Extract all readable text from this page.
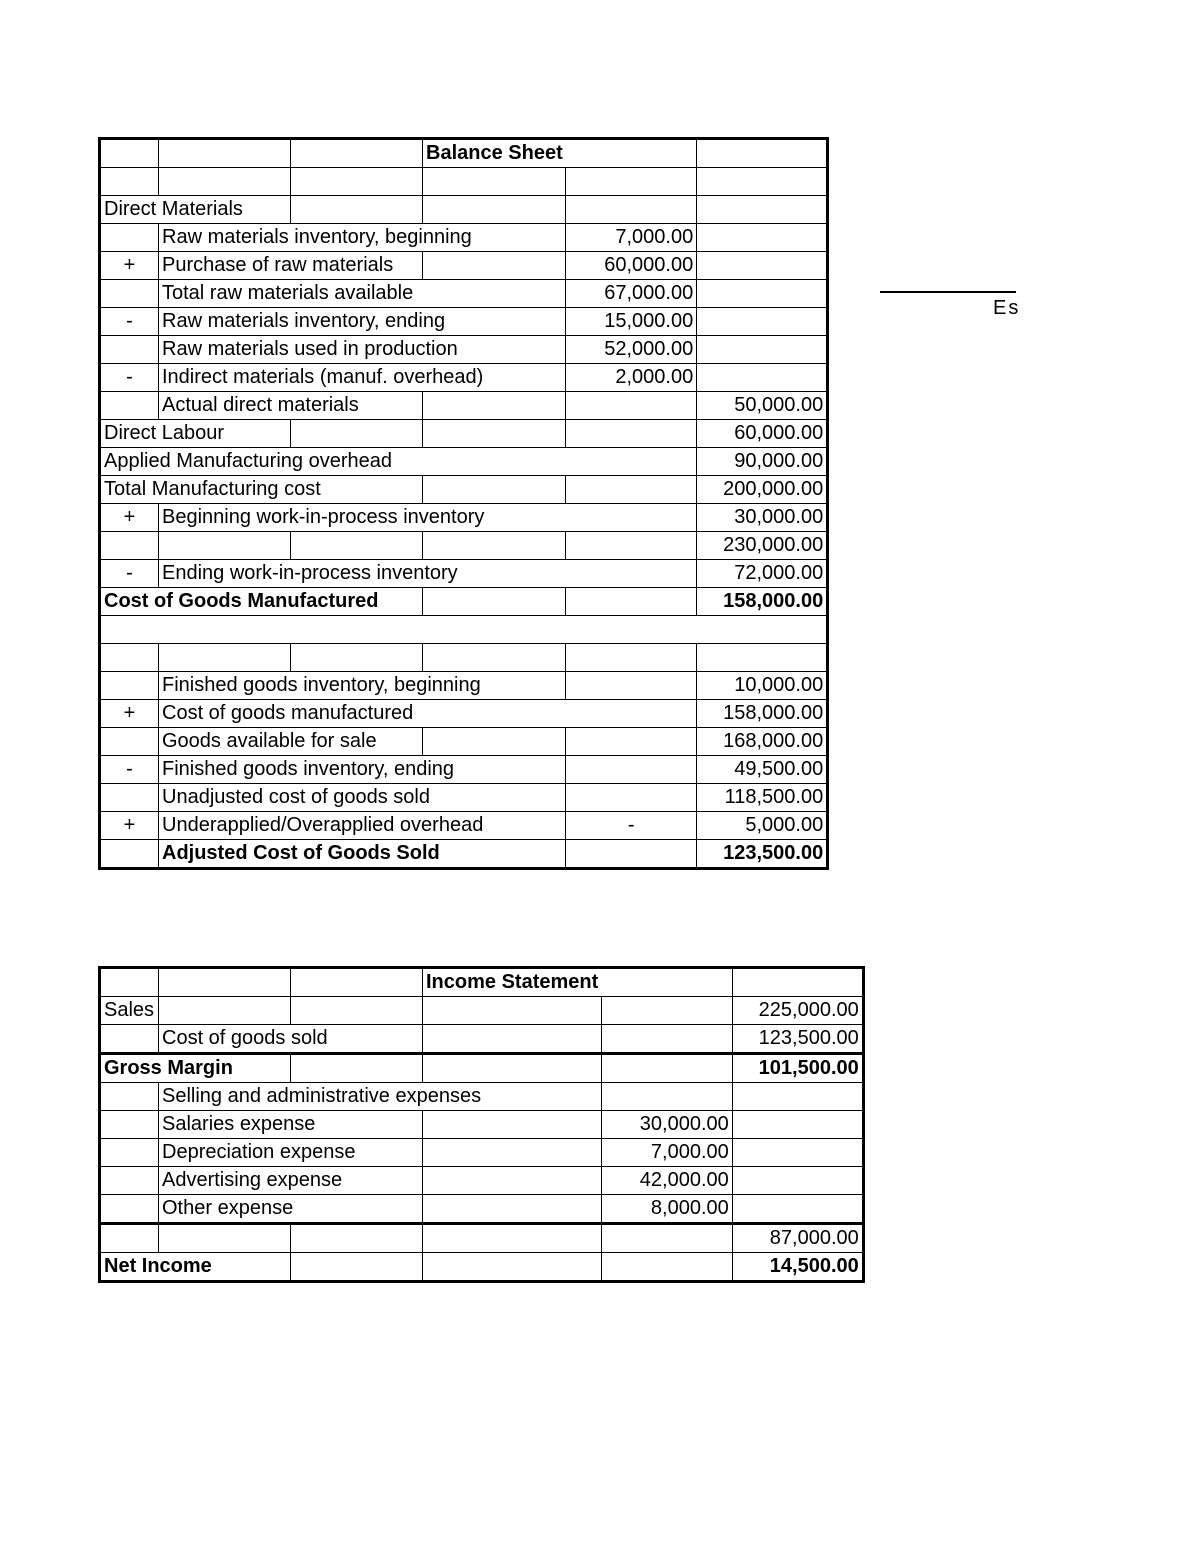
			Balance Sheet		

Direct Materials					
	Raw materials inventory, beginning			7,000.00	
+	Purchase of raw materials			60,000.00	
	Total raw materials available			67,000.00	
-	Raw materials inventory, ending			15,000.00	
	Raw materials used in production			52,000.00	
-	Indirect materials (manuf. overhead)			2,000.00	
	Actual direct materials				50,000.00
Direct Labour					60,000.00
Applied Manufacturing overhead					90,000.00
Total Manufacturing cost					200,000.00
+	Beginning work-in-process inventory				30,000.00
					230,000.00
-	Ending work-in-process inventory				72,000.00
Cost of Goods Manufactured					158,000.00

	Finished goods inventory, beginning				10,000.00
+	Cost of goods manufactured				158,000.00
	Goods available for sale				168,000.00
-	Finished goods inventory, ending				49,500.00
	Unadjusted cost of goods sold				118,500.00
+	Underapplied/Overapplied overhead			-	5,000.00
	Adjusted Cost of Goods Sold				123,500.00
			Income Statement		
Sales					225,000.00
	Cost of goods sold				123,500.00
Gross Margin					101,500.00
	Selling and administrative expenses				
	Salaries expense			30,000.00	
	Depreciation expense			7,000.00	
	Advertising expense			42,000.00	
	Other expense			8,000.00	
					87,000.00
Net Income					14,500.00
Es
